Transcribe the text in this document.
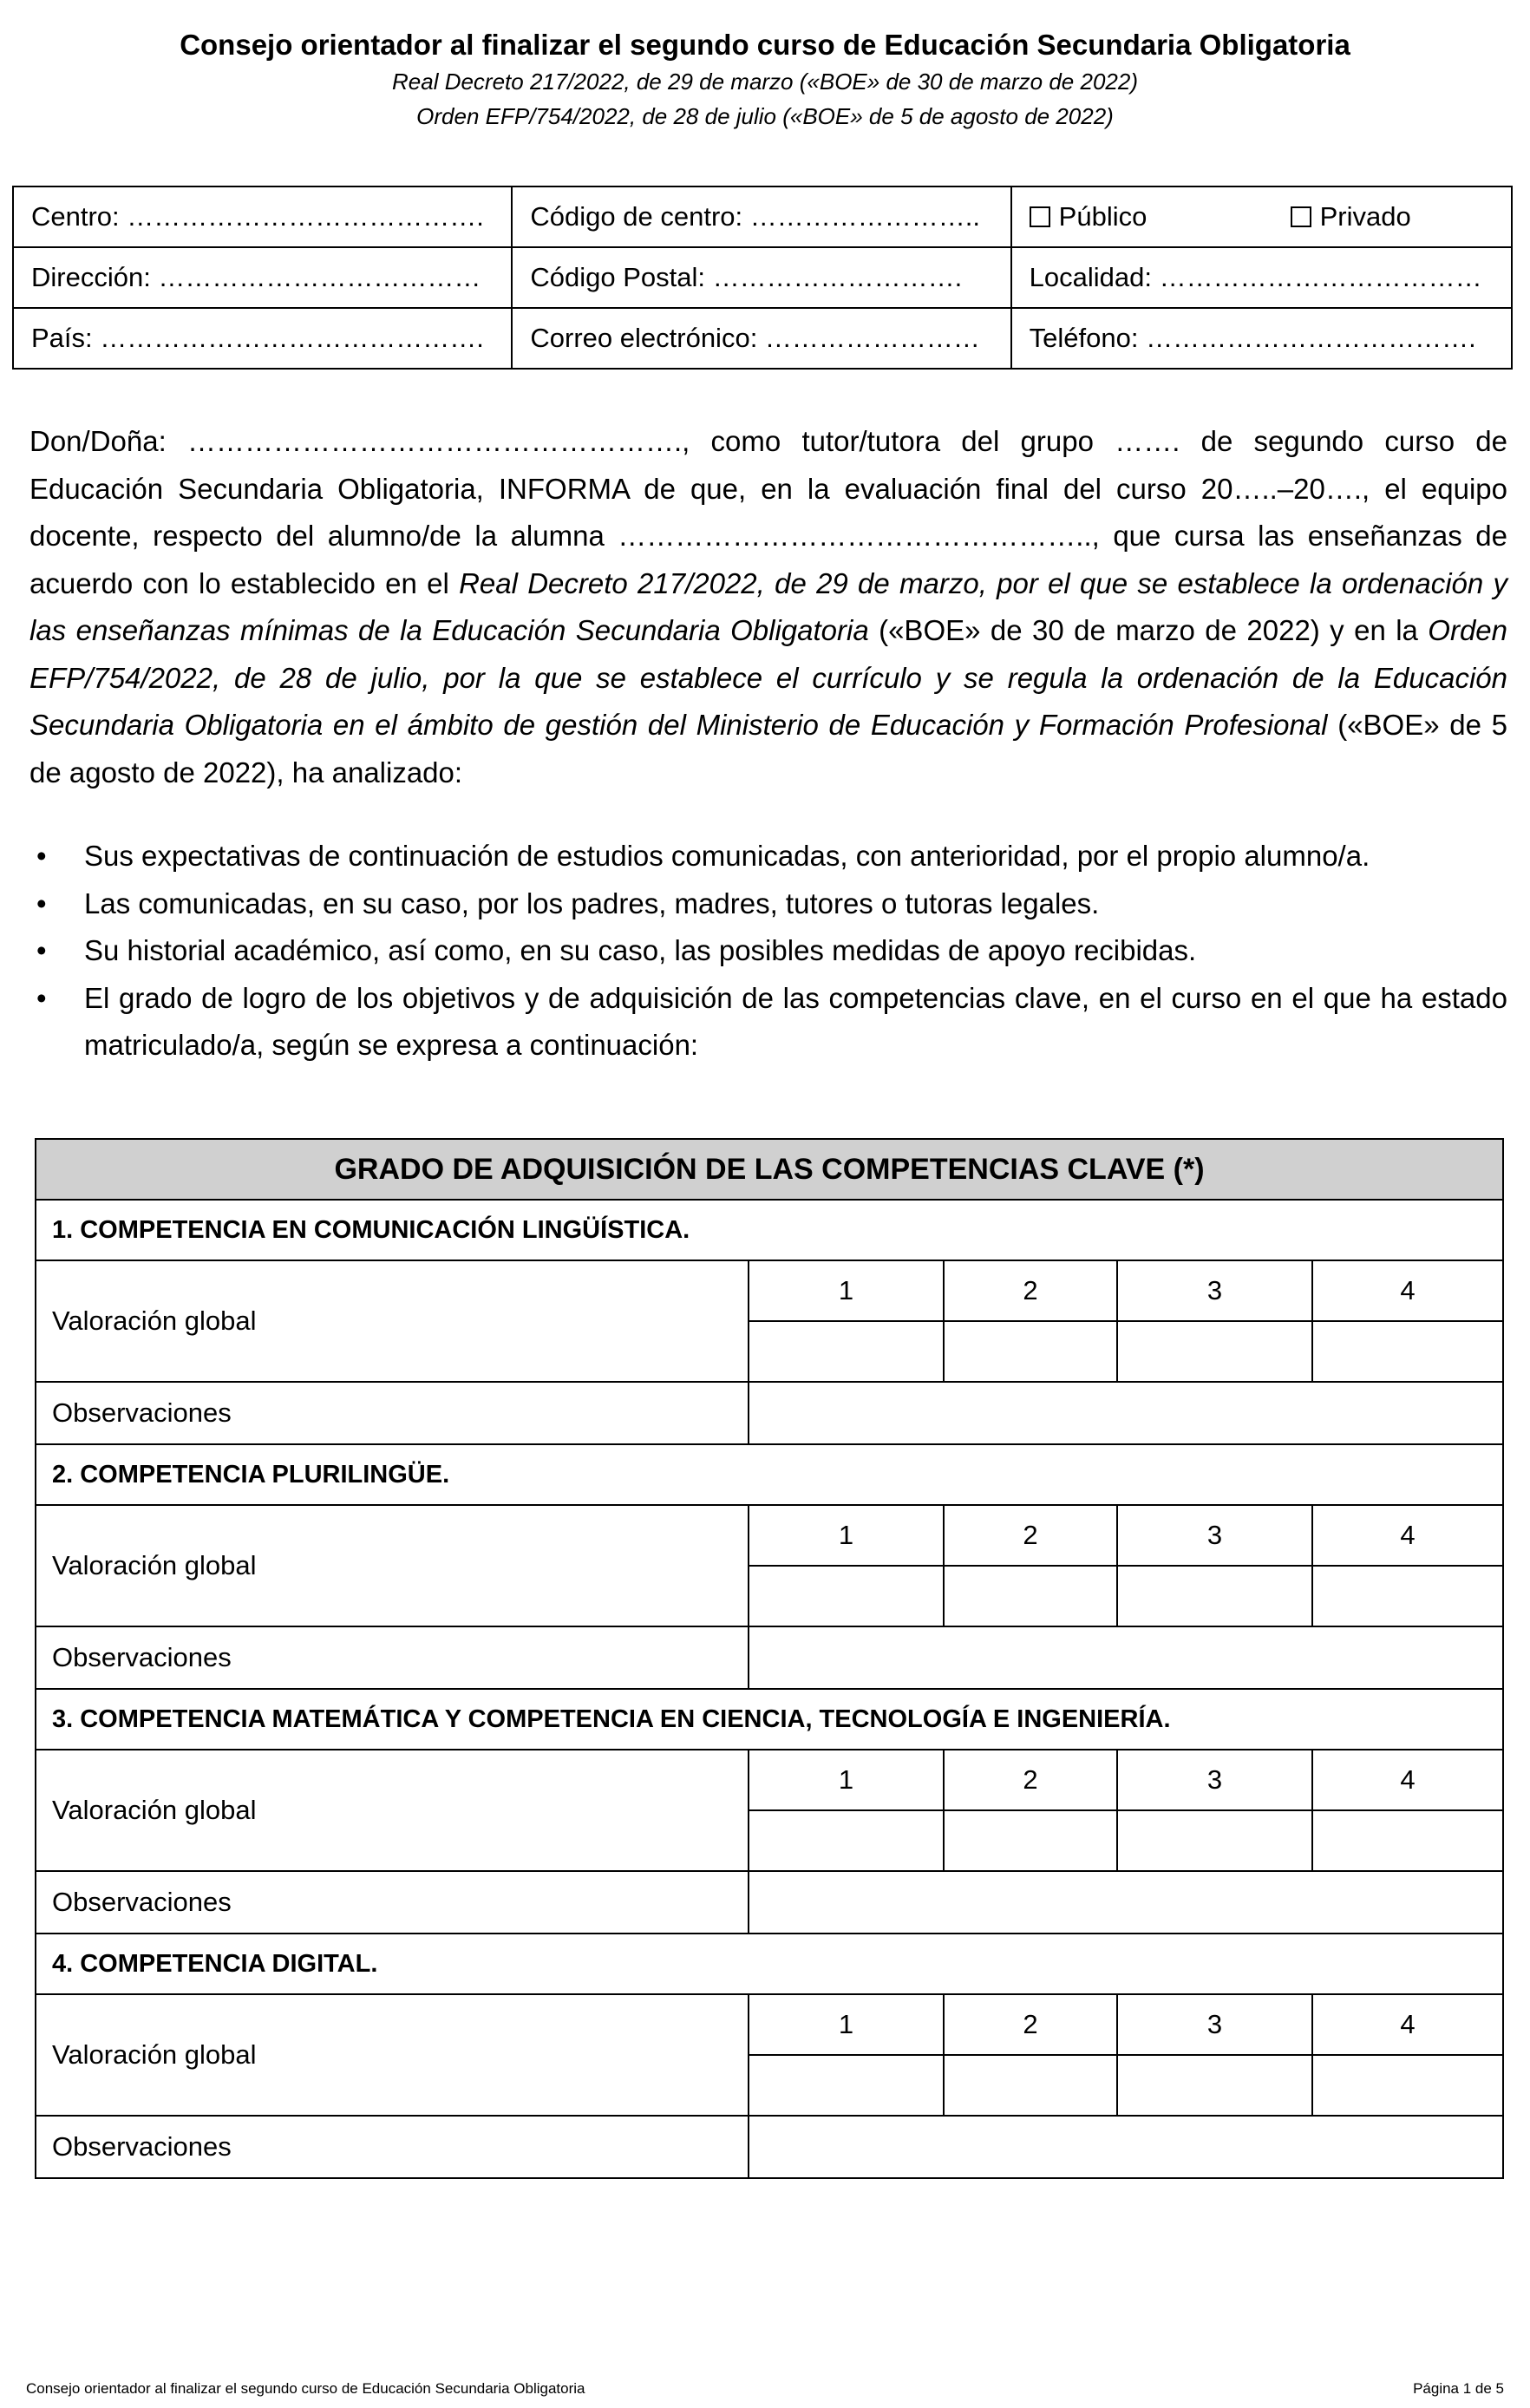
Consejo orientador al finalizar el segundo curso de Educación Secundaria Obligatoria
Real Decreto 217/2022, de 29 de marzo («BOE» de 30 de marzo de 2022)
Orden EFP/754/2022, de 28 de julio («BOE» de 5 de agosto de 2022)
Centro: ………………………………….	Código de centro: ……………………..	Público Privado
Dirección: ………………………………	Código Postal: ……………………….	Localidad: ………………………………
País: …………………………………….	Correo electrónico: ……………………	Teléfono: ……………………………….
Don/Doña: ……………………………………………., como tutor/tutora del grupo ……. de segundo curso de Educación Secundaria Obligatoria, INFORMA de que, en la evaluación final del curso 20…..–20…., el equipo docente, respecto del alumno/de la alumna ………………………………………….., que cursa las enseñanzas de acuerdo con lo establecido en el Real Decreto 217/2022, de 29 de marzo, por el que se establece la ordenación y las enseñanzas mínimas de la Educación Secundaria Obligatoria («BOE» de 30 de marzo de 2022) y en la Orden EFP/754/2022, de 28 de julio, por la que se establece el currículo y se regula la ordenación de la Educación Secundaria Obligatoria en el ámbito de gestión del Ministerio de Educación y Formación Profesional («BOE» de 5 de agosto de 2022), ha analizado:
• Sus expectativas de continuación de estudios comunicadas, con anterioridad, por el propio alumno/a.
• Las comunicadas, en su caso, por los padres, madres, tutores o tutoras legales.
• Su historial académico, así como, en su caso, las posibles medidas de apoyo recibidas.
• El grado de logro de los objetivos y de adquisición de las competencias clave, en el curso en el que ha estado matriculado/a, según se expresa a continuación:
GRADO DE ADQUISICIÓN DE LAS COMPETENCIAS CLAVE (*)				
1. COMPETENCIA EN COMUNICACIÓN LINGÜÍSTICA.				
Valoración global	1	2	3	4

Observaciones				
2. COMPETENCIA PLURILINGÜE.				
Valoración global	1	2	3	4

Observaciones				
3. COMPETENCIA MATEMÁTICA Y COMPETENCIA EN CIENCIA, TECNOLOGÍA E INGENIERÍA.				
Valoración global	1	2	3	4

Observaciones				
4. COMPETENCIA DIGITAL.				
Valoración global	1	2	3	4

Observaciones				
Consejo orientador al finalizar el segundo curso de Educación Secundaria Obligatoria	Página 1 de 5
